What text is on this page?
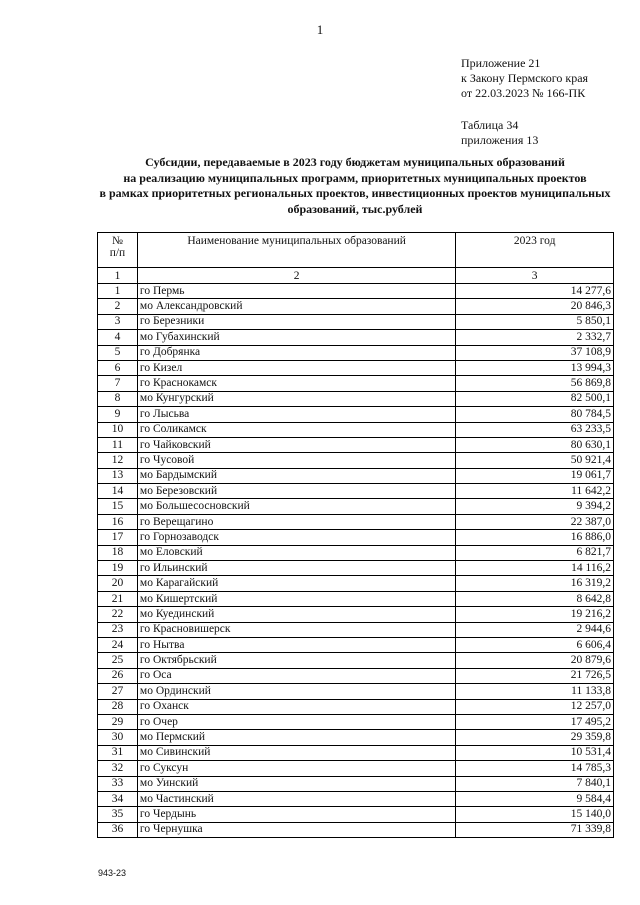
1
Приложение 21
к Закону Пермского края
от 22.03.2023 № 166-ПК
Таблица 34
приложения 13
Субсидии, передаваемые в 2023 году бюджетам муниципальных образований
на реализацию муниципальных программ, приоритетных муниципальных проектов
в рамках приоритетных региональных проектов, инвестиционных проектов муниципальных
образований, тыс.рублей
№
п/п	Наименование муниципальных образований	2023 год
1	2	3
1	го Пермь	14 277,6
2	мо Александровский	20 846,3
3	го Березники	5 850,1
4	мо Губахинский	2 332,7
5	го Добрянка	37 108,9
6	го Кизел	13 994,3
7	го Краснокамск	56 869,8
8	мо Кунгурский	82 500,1
9	го Лысьва	80 784,5
10	го Соликамск	63 233,5
11	го Чайковский	80 630,1
12	го Чусовой	50 921,4
13	мо Бардымский	19 061,7
14	мо Березовский	11 642,2
15	мо Большесосновский	9 394,2
16	го Верещагино	22 387,0
17	го Горнозаводск	16 886,0
18	мо Еловский	6 821,7
19	го Ильинский	14 116,2
20	мо Карагайский	16 319,2
21	мо Кишертский	8 642,8
22	мо Куединский	19 216,2
23	го Красновишерск	2 944,6
24	го Нытва	6 606,4
25	го Октябрьский	20 879,6
26	го Оса	21 726,5
27	мо Ординский	11 133,8
28	го Оханск	12 257,0
29	го Очер	17 495,2
30	мо Пермский	29 359,8
31	мо Сивинский	10 531,4
32	го Суксун	14 785,3
33	мо Уинский	7 840,1
34	мо Частинский	9 584,4
35	го Чердынь	15 140,0
36	го Чернушка	71 339,8
943-23
